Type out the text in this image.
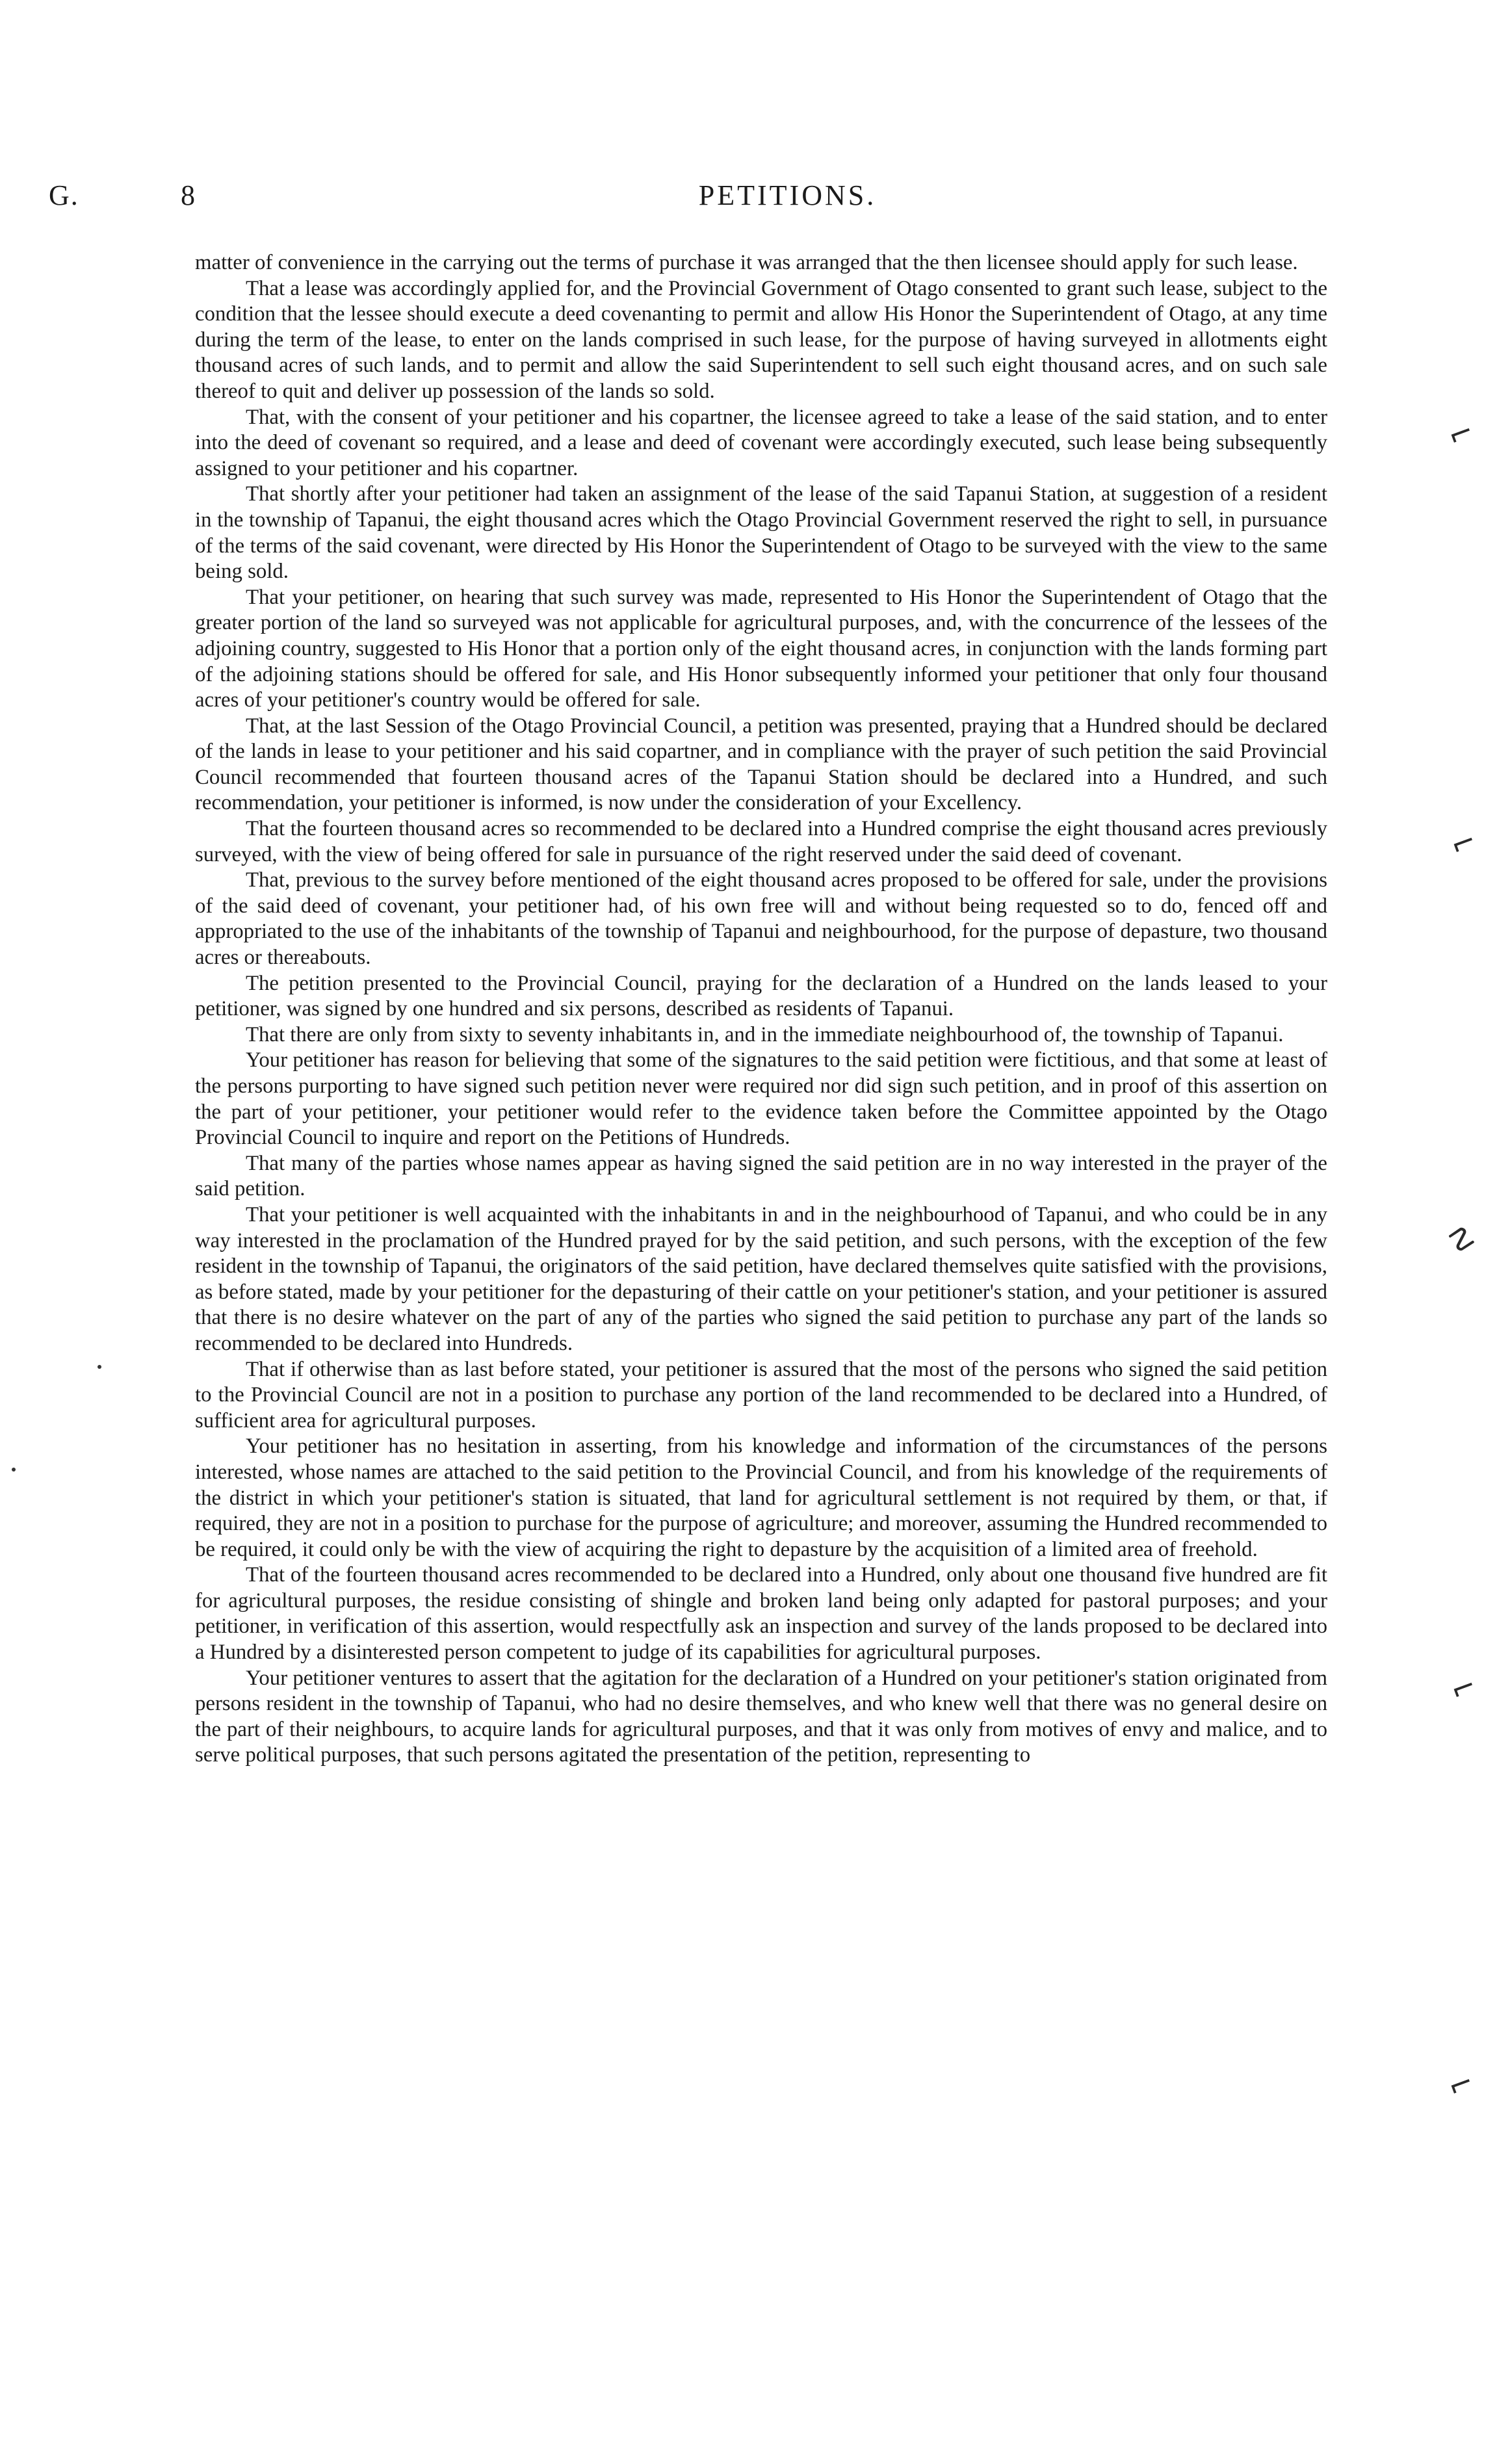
G.	8	PETITIONS.

matter of convenience in the carrying out the terms of purchase it was arranged that the then licensee should apply for such lease.

That a lease was accordingly applied for, and the Provincial Government of Otago consented to grant such lease, subject to the condition that the lessee should execute a deed covenanting to permit and allow His Honor the Superintendent of Otago, at any time during the term of the lease, to enter on the lands comprised in such lease, for the purpose of having surveyed in allotments eight thousand acres of such lands, and to permit and allow the said Superintendent to sell such eight thousand acres, and on such sale thereof to quit and deliver up possession of the lands so sold.

That, with the consent of your petitioner and his copartner, the licensee agreed to take a lease of the said station, and to enter into the deed of covenant so required, and a lease and deed of covenant were accordingly executed, such lease being subsequently assigned to your petitioner and his copartner.

That shortly after your petitioner had taken an assignment of the lease of the said Tapanui Station, at suggestion of a resident in the township of Tapanui, the eight thousand acres which the Otago Provincial Government reserved the right to sell, in pursuance of the terms of the said covenant, were directed by His Honor the Superintendent of Otago to be surveyed with the view to the same being sold.

That your petitioner, on hearing that such survey was made, represented to His Honor the Superintendent of Otago that the greater portion of the land so surveyed was not applicable for agricultural purposes, and, with the concurrence of the lessees of the adjoining country, suggested to His Honor that a portion only of the eight thousand acres, in conjunction with the lands forming part of the adjoining stations should be offered for sale, and His Honor subsequently informed your petitioner that only four thousand acres of your petitioner's country would be offered for sale.

That, at the last Session of the Otago Provincial Council, a petition was presented, praying that a Hundred should be declared of the lands in lease to your petitioner and his said copartner, and in compliance with the prayer of such petition the said Provincial Council recommended that fourteen thousand acres of the Tapanui Station should be declared into a Hundred, and such recommendation, your petitioner is informed, is now under the consideration of your Excellency.

That the fourteen thousand acres so recommended to be declared into a Hundred comprise the eight thousand acres previously surveyed, with the view of being offered for sale in pursuance of the right reserved under the said deed of covenant.

That, previous to the survey before mentioned of the eight thousand acres proposed to be offered for sale, under the provisions of the said deed of covenant, your petitioner had, of his own free will and without being requested so to do, fenced off and appropriated to the use of the inhabitants of the township of Tapanui and neighbourhood, for the purpose of depasture, two thousand acres or thereabouts.

The petition presented to the Provincial Council, praying for the declaration of a Hundred on the lands leased to your petitioner, was signed by one hundred and six persons, described as residents of Tapanui.

That there are only from sixty to seventy inhabitants in, and in the immediate neighbourhood of, the township of Tapanui.

Your petitioner has reason for believing that some of the signatures to the said petition were fictitious, and that some at least of the persons purporting to have signed such petition never were required nor did sign such petition, and in proof of this assertion on the part of your petitioner, your petitioner would refer to the evidence taken before the Committee appointed by the Otago Provincial Council to inquire and report on the Petitions of Hundreds.

That many of the parties whose names appear as having signed the said petition are in no way interested in the prayer of the said petition.

That your petitioner is well acquainted with the inhabitants in and in the neighbourhood of Tapanui, and who could be in any way interested in the proclamation of the Hundred prayed for by the said petition, and such persons, with the exception of the few resident in the township of Tapanui, the originators of the said petition, have declared themselves quite satisfied with the provisions, as before stated, made by your petitioner for the depasturing of their cattle on your petitioner's station, and your petitioner is assured that there is no desire whatever on the part of any of the parties who signed the said petition to purchase any part of the lands so recommended to be declared into Hundreds.

That if otherwise than as last before stated, your petitioner is assured that the most of the persons who signed the said petition to the Provincial Council are not in a position to purchase any portion of the land recommended to be declared into a Hundred, of sufficient area for agricultural purposes.

Your petitioner has no hesitation in asserting, from his knowledge and information of the circumstances of the persons interested, whose names are attached to the said petition to the Provincial Council, and from his knowledge of the requirements of the district in which your petitioner's station is situated, that land for agricultural settlement is not required by them, or that, if required, they are not in a position to purchase for the purpose of agriculture; and moreover, assuming the Hundred recommended to be required, it could only be with the view of acquiring the right to depasture by the acquisition of a limited area of freehold.

That of the fourteen thousand acres recommended to be declared into a Hundred, only about one thousand five hundred are fit for agricultural purposes, the residue consisting of shingle and broken land being only adapted for pastoral purposes; and your petitioner, in verification of this assertion, would respectfully ask an inspection and survey of the lands proposed to be declared into a Hundred by a disinterested person competent to judge of its capabilities for agricultural purposes.

Your petitioner ventures to assert that the agitation for the declaration of a Hundred on your petitioner's station originated from persons resident in the township of Tapanui, who had no desire themselves, and who knew well that there was no general desire on the part of their neighbours, to acquire lands for agricultural purposes, and that it was only from motives of envy and malice, and to serve political purposes, that such persons agitated the presentation of the petition, representing to

⌐
⌐
☡
⌐
⌐
